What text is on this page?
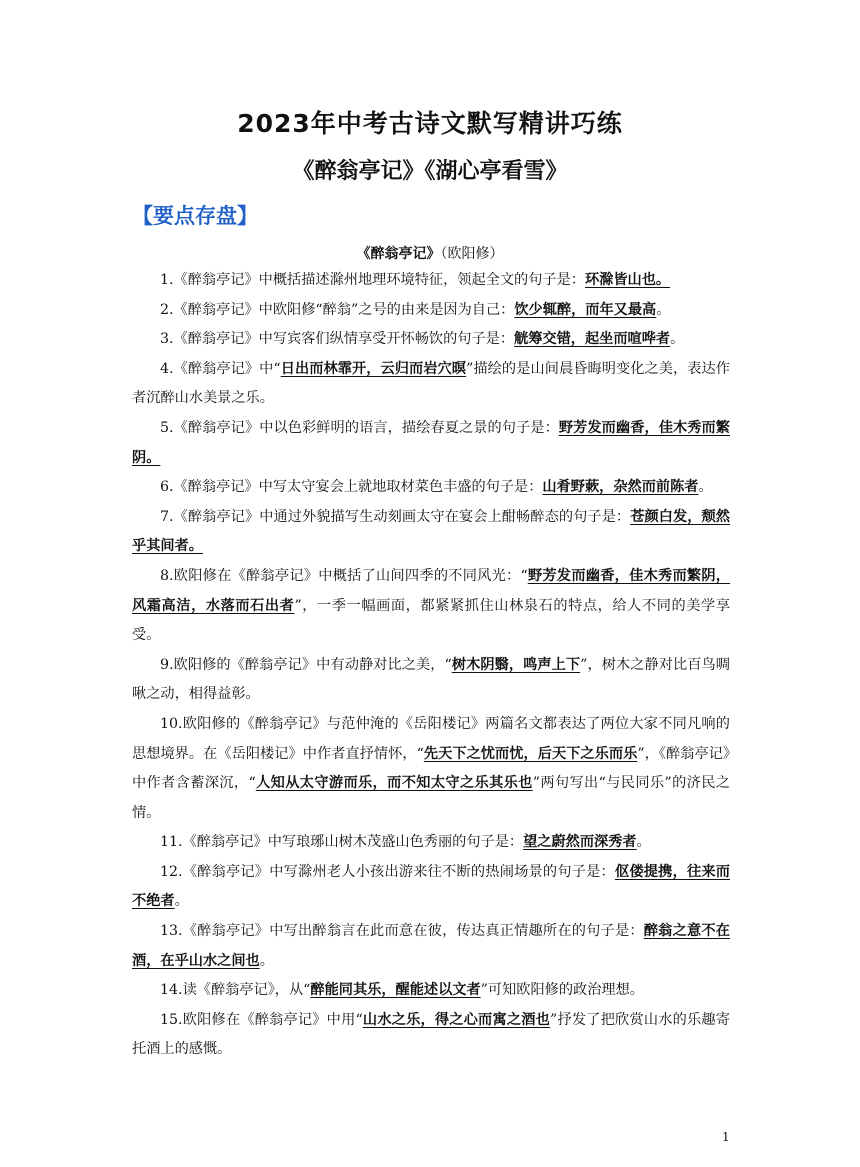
2023年中考古诗文默写精讲巧练
《醉翁亭记》《湖心亭看雪》
【要点存盘】
《醉翁亭记》（欧阳修）

1.《醉翁亭记》中概括描述滁州地理环境特征，领起全文的句子是：环滁皆山也。

2.《醉翁亭记》中欧阳修“醉翁”之号的由来是因为自己：饮少辄醉，而年又最高。

3.《醉翁亭记》中写宾客们纵情享受开怀畅饮的句子是：觥筹交错，起坐而喧哗者。

4.《醉翁亭记》中“日出而林霏开，云归而岩穴暝”描绘的是山间晨昏晦明变化之美，表达作者沉醉山水美景之乐。

5.《醉翁亭记》中以色彩鲜明的语言，描绘春夏之景的句子是：野芳发而幽香，佳木秀而繁阴。

6.《醉翁亭记》中写太守宴会上就地取材菜色丰盛的句子是：山肴野蔌，杂然而前陈者。

7.《醉翁亭记》中通过外貌描写生动刻画太守在宴会上酣畅醉态的句子是：苍颜白发，颓然乎其间者。

8.欧阳修在《醉翁亭记》中概括了山间四季的不同风光：“野芳发而幽香，佳木秀而繁阴，风霜高洁，水落而石出者”，一季一幅画面，都紧紧抓住山林泉石的特点，给人不同的美学享受。

9.欧阳修的《醉翁亭记》中有动静对比之美，“树木阴翳，鸣声上下”，树木之静对比百鸟啁啾之动，相得益彰。

10.欧阳修的《醉翁亭记》与范仲淹的《岳阳楼记》两篇名文都表达了两位大家不同凡响的思想境界。在《岳阳楼记》中作者直抒情怀，“先天下之忧而忧，后天下之乐而乐”，《醉翁亭记》中作者含蓄深沉，“人知从太守游而乐，而不知太守之乐其乐也”两句写出“与民同乐”的济民之情。

11.《醉翁亭记》中写琅琊山树木茂盛山色秀丽的句子是：望之蔚然而深秀者。

12.《醉翁亭记》中写滁州老人小孩出游来往不断的热闹场景的句子是：伛偻提携，往来而不绝者。

13.《醉翁亭记》中写出醉翁言在此而意在彼，传达真正情趣所在的句子是：醉翁之意不在酒，在乎山水之间也。

14.读《醉翁亭记》，从“醉能同其乐，醒能述以文者”可知欧阳修的政治理想。

15.欧阳修在《醉翁亭记》中用“山水之乐，得之心而寓之酒也”抒发了把欣赏山水的乐趣寄托酒上的感慨。

1
